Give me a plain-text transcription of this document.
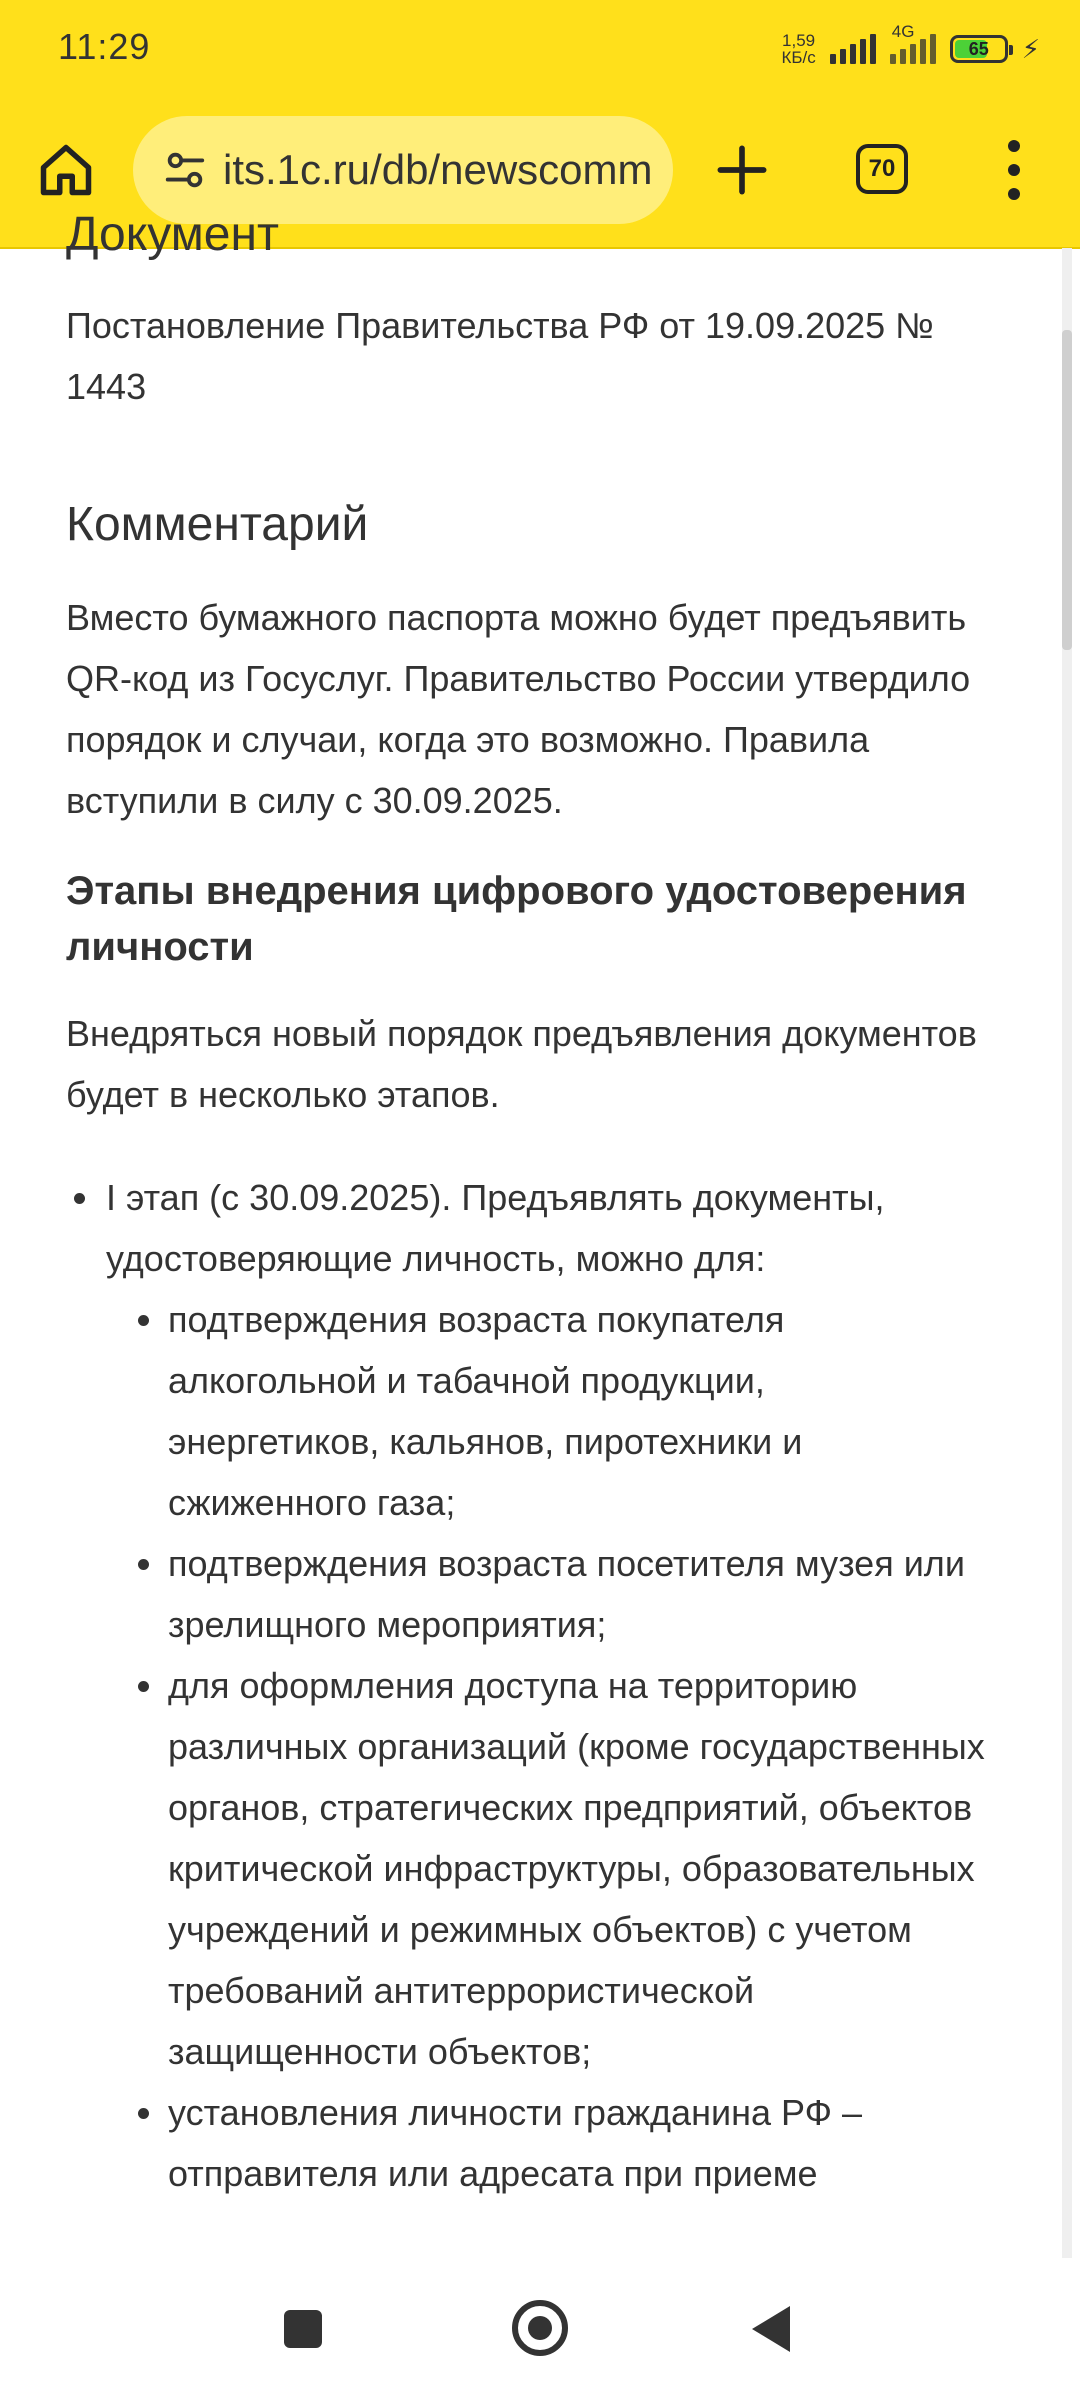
11:29	1,59
КБ/с
4G
65 ⚡
its.1c.ru/db/newscomm	70
Документ
Постановление Правительства РФ от 19.09.2025 № 1443
Комментарий
Вместо бумажного паспорта можно будет предъявить QR-код из Госуслуг. Правительство России утвердило порядок и случаи, когда это возможно. Правила вступили в силу с 30.09.2025.
Этапы внедрения цифрового удостоверения личности
Внедряться новый порядок предъявления документов будет в несколько этапов.
I этап (с 30.09.2025). Предъявлять документы, удостоверяющие личность, можно для:
подтверждения возраста покупателя алкогольной и табачной продукции, энергетиков, кальянов, пиротехники и сжиженного газа;
подтверждения возраста посетителя музея или зрелищного мероприятия;
для оформления доступа на территорию различных организаций (кроме государственных органов, стратегических предприятий, объектов критической инфраструктуры, образовательных учреждений и режимных объектов) с учетом требований антитеррористической защищенности объектов;
установления личности гражданина РФ – отправителя или адресата при приеме
